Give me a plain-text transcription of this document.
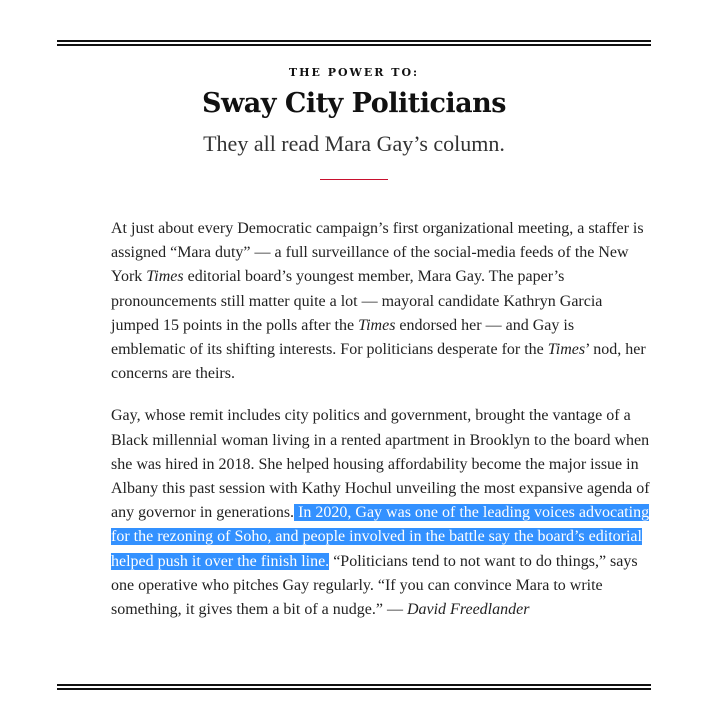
THE POWER TO:
Sway City Politicians
They all read Mara Gay’s column.

At just about every Democratic campaign’s first organizational meeting, a staffer is assigned “Mara duty” — a full surveillance of the social-media feeds of the New York Times editorial board’s youngest member, Mara Gay. The paper’s pronouncements still matter quite a lot — mayoral candidate Kathryn Garcia jumped 15 points in the polls after the Times endorsed her — and Gay is emblematic of its shifting interests. For politicians desperate for the Times’ nod, her concerns are theirs.

Gay, whose remit includes city politics and government, brought the vantage of a Black millennial woman living in a rented apartment in Brooklyn to the board when she was hired in 2018. She helped housing affordability become the major issue in Albany this past session with Kathy Hochul unveiling the most expansive agenda of any governor in generations. In 2020, Gay was one of the leading voices advocating for the rezoning of Soho, and people involved in the battle say the board’s editorial helped push it over the finish line. “Politicians tend to not want to do things,” says one operative who pitches Gay regularly. “If you can convince Mara to write something, it gives them a bit of a nudge.” — David Freedlander
